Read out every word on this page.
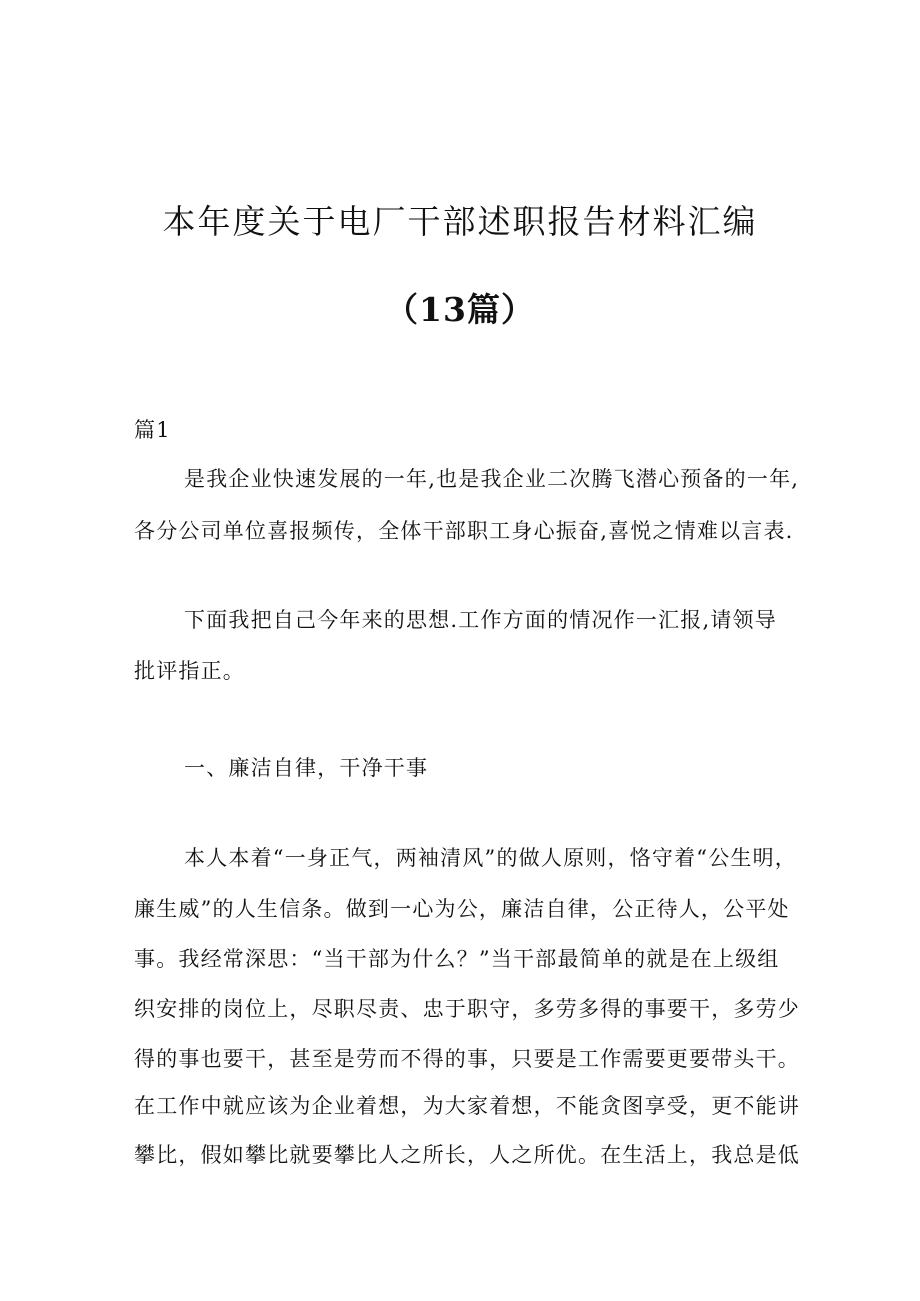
本年度关于电厂干部述职报告材料汇编
（13篇）
篇1
是我企业快速发展的一年,也是我企业二次腾飞潜心预备的一年,
各分公司单位喜报频传，全体干部职工身心振奋,喜悦之情难以言表.
下面我把自己今年来的思想.工作方面的情况作一汇报,请领导
批评指正。
一、廉洁自律，干净干事
本人本着“一身正气，两袖清风”的做人原则，恪守着“公生明，
廉生威”的人生信条。做到一心为公，廉洁自律，公正待人，公平处
事。我经常深思：“当干部为什么？”当干部最简单的就是在上级组
织安排的岗位上，尽职尽责、忠于职守，多劳多得的事要干，多劳少
得的事也要干，甚至是劳而不得的事，只要是工作需要更要带头干。
在工作中就应该为企业着想，为大家着想，不能贪图享受，更不能讲
攀比，假如攀比就要攀比人之所长，人之所优。在生活上，我总是低
